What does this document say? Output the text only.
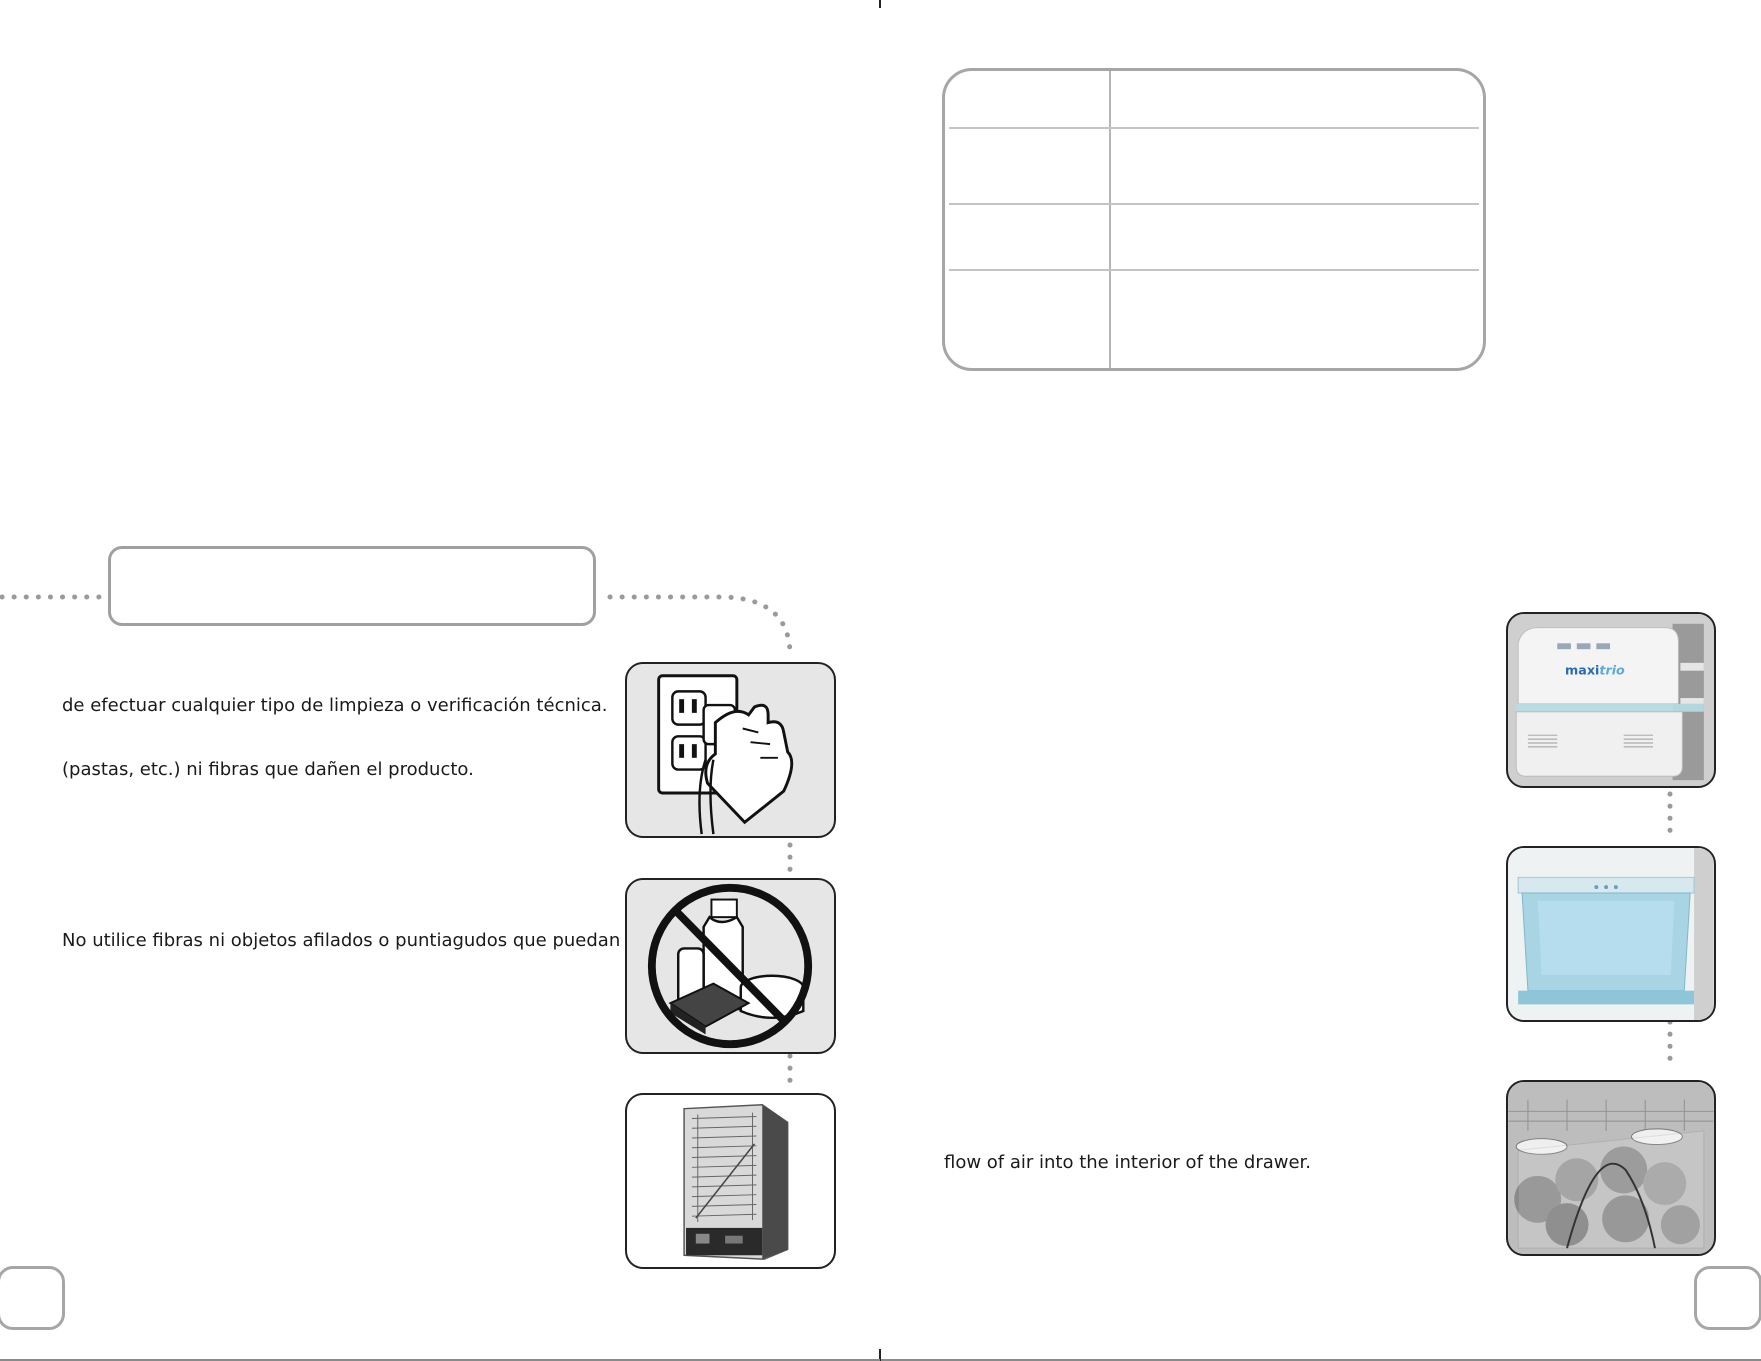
de efectuar cualquier tipo de limpieza o verificación técnica.
(pastas, etc.) ni fibras que dañen el producto.
No utilice fibras ni objetos afilados o puntiagudos que puedan
flow of air into the interior of the drawer.
maxitrio
